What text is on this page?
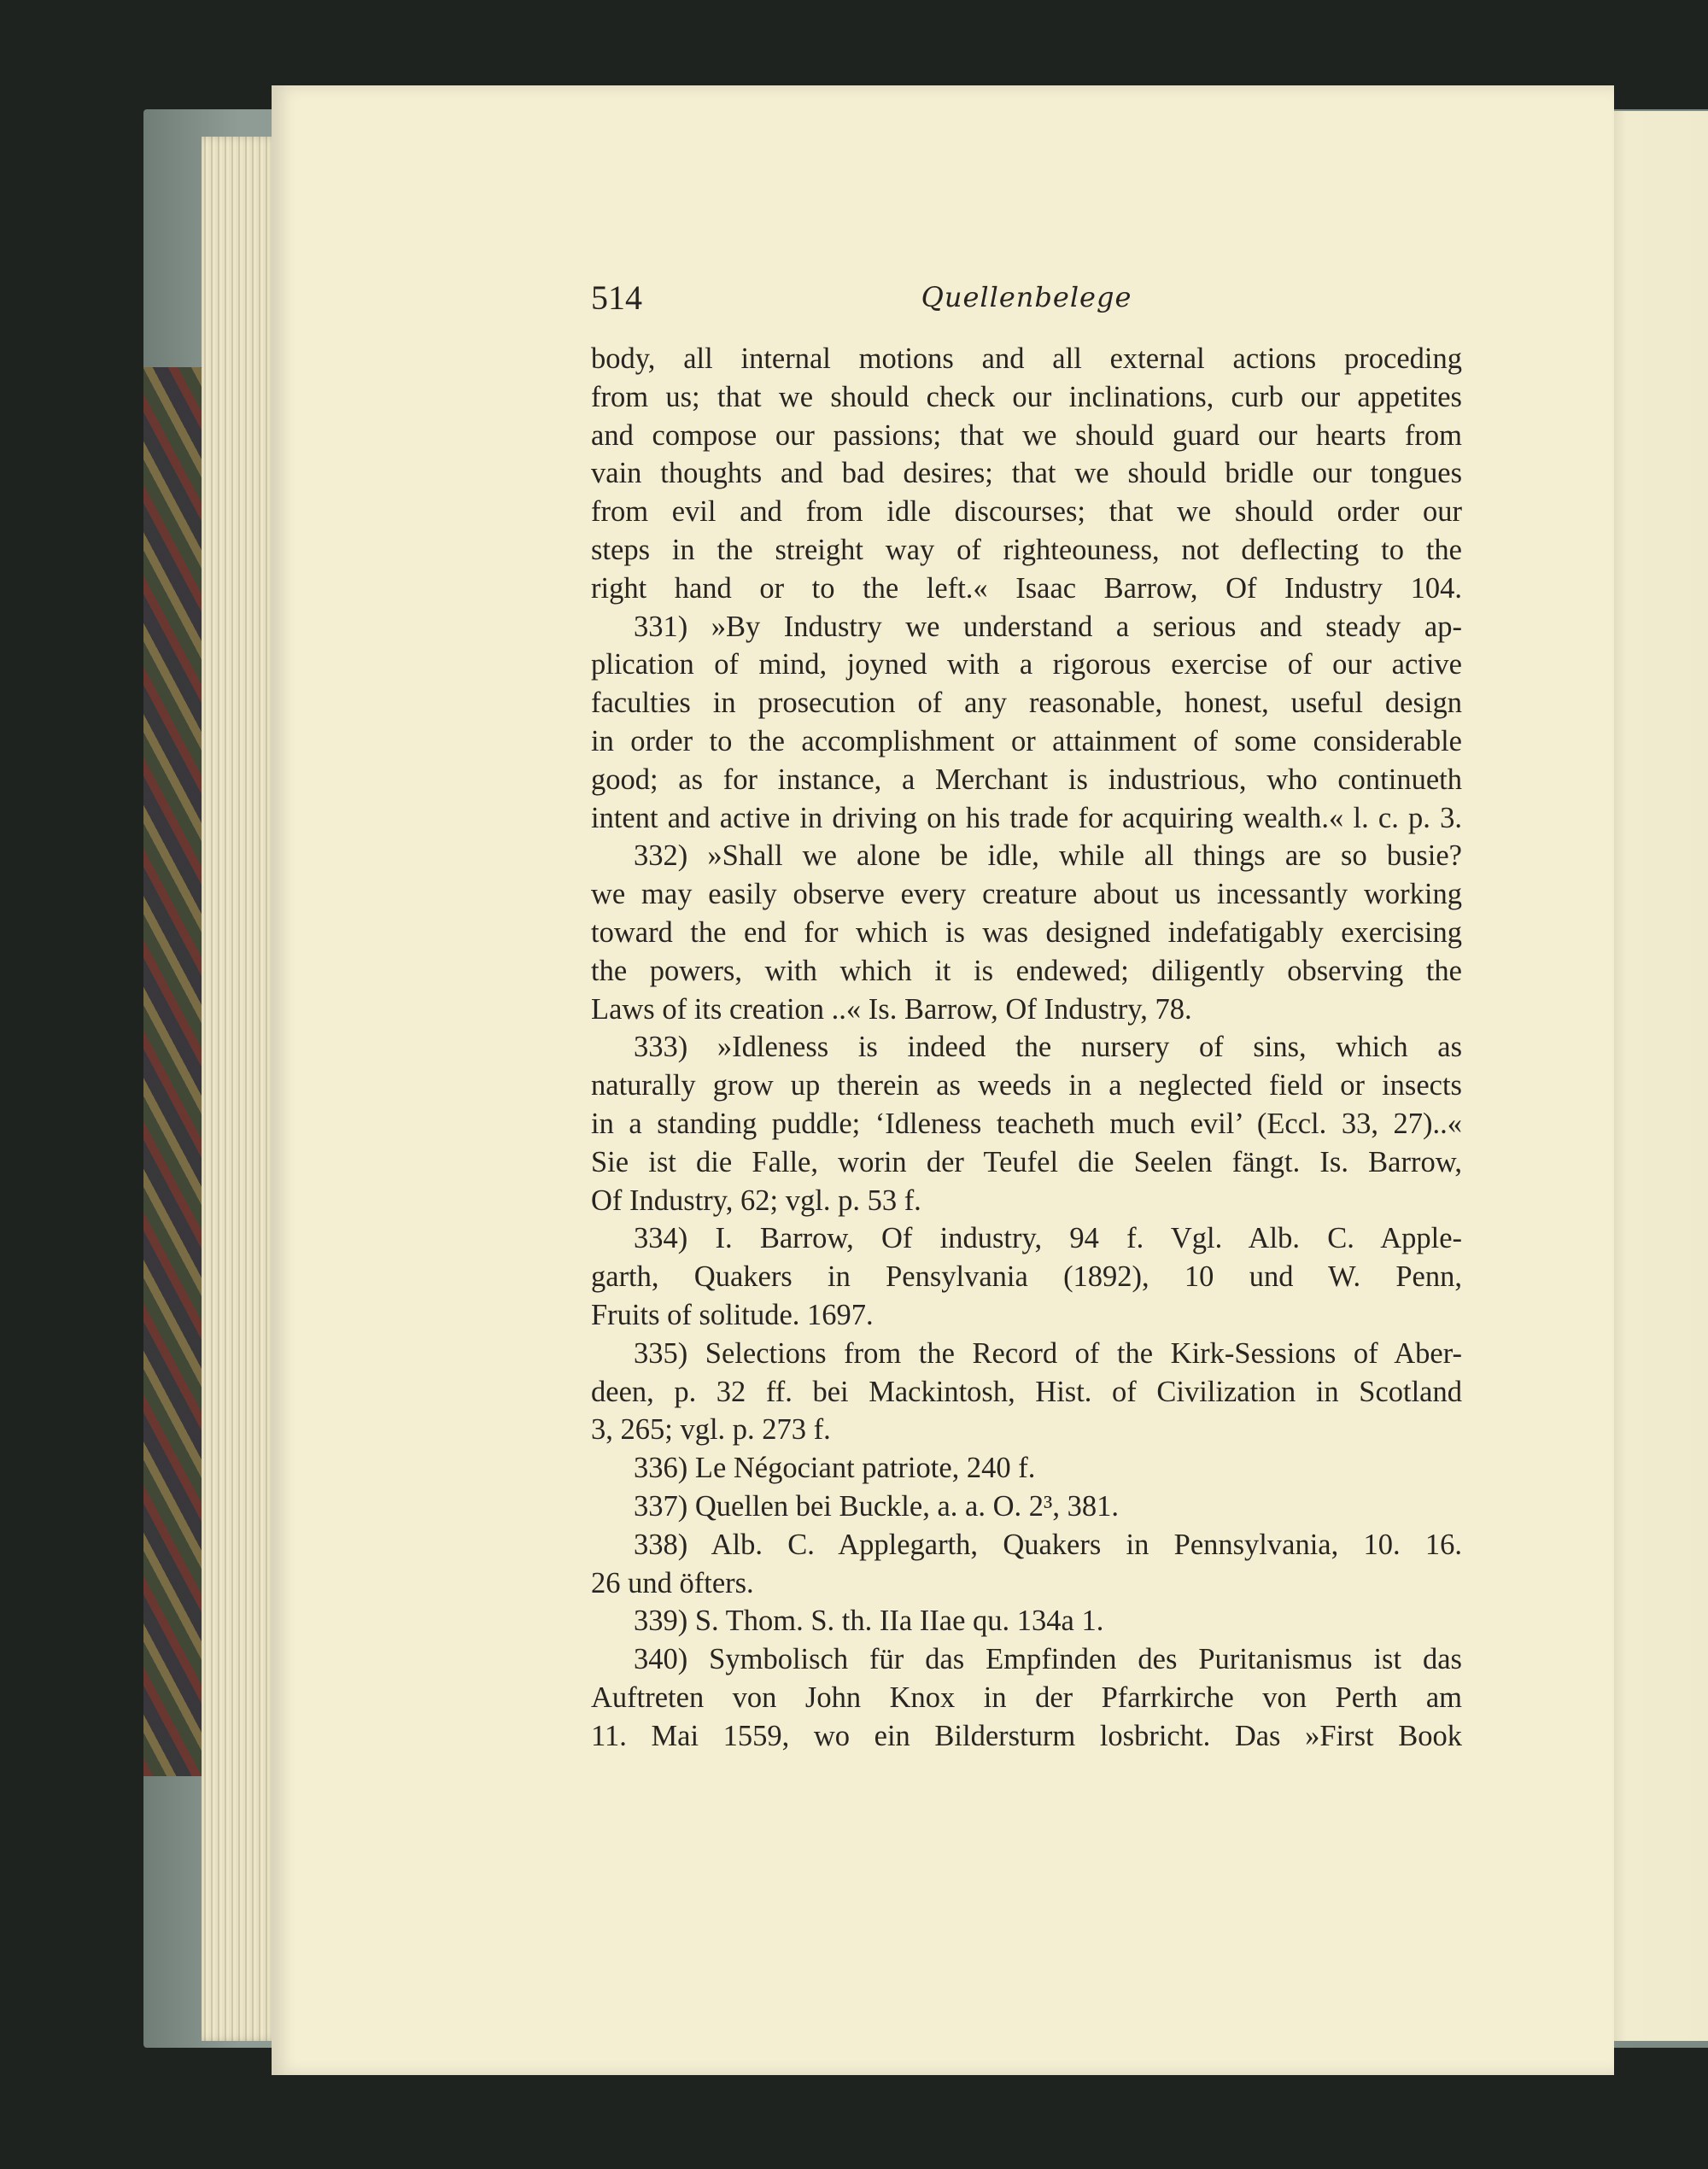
514	Quellenbelege
body, all internal motions and all external actions proceding
from us; that we should check our inclinations, curb our appetites
and compose our passions; that we should guard our hearts from
vain thoughts and bad desires; that we should bridle our tongues
from evil and from idle discourses; that we should order our
steps in the streight way of righteouness, not deflecting to the
right hand or to the left.« Isaac Barrow, Of Industry 104.
331) »By Industry we understand a serious and steady ap-
plication of mind, joyned with a rigorous exercise of our active
faculties in prosecution of any reasonable, honest, useful design
in order to the accomplishment or attainment of some considerable
good; as for instance, a Merchant is industrious, who continueth
intent and active in driving on his trade for acquiring wealth.« l. c. p. 3.
332) »Shall we alone be idle, while all things are so busie?
we may easily observe every creature about us incessantly working
toward the end for which is was designed indefatigably exercising
the powers, with which it is endewed; diligently observing the
Laws of its creation ..« Is. Barrow, Of Industry, 78.
333) »Idleness is indeed the nursery of sins, which as
naturally grow up therein as weeds in a neglected field or insects
in a standing puddle; ‘Idleness teacheth much evil’ (Eccl. 33, 27)..«
Sie ist die Falle, worin der Teufel die Seelen fängt. Is. Barrow,
Of Industry, 62; vgl. p. 53 f.
334) I. Barrow, Of industry, 94 f. Vgl. Alb. C. Apple-
garth, Quakers in Pensylvania (1892), 10 und W. Penn,
Fruits of solitude. 1697.
335) Selections from the Record of the Kirk-Sessions of Aber-
deen, p. 32 ff. bei Mackintosh, Hist. of Civilization in Scotland
3, 265; vgl. p. 273 f.
336) Le Négociant patriote, 240 f.
337) Quellen bei Buckle, a. a. O. 2³, 381.
338) Alb. C. Applegarth, Quakers in Pennsylvania, 10. 16.
26 und öfters.
339) S. Thom. S. th. IIa IIae qu. 134a 1.
340) Symbolisch für das Empfinden des Puritanismus ist das
Auftreten von John Knox in der Pfarrkirche von Perth am
11. Mai 1559, wo ein Bildersturm losbricht. Das »First Book
